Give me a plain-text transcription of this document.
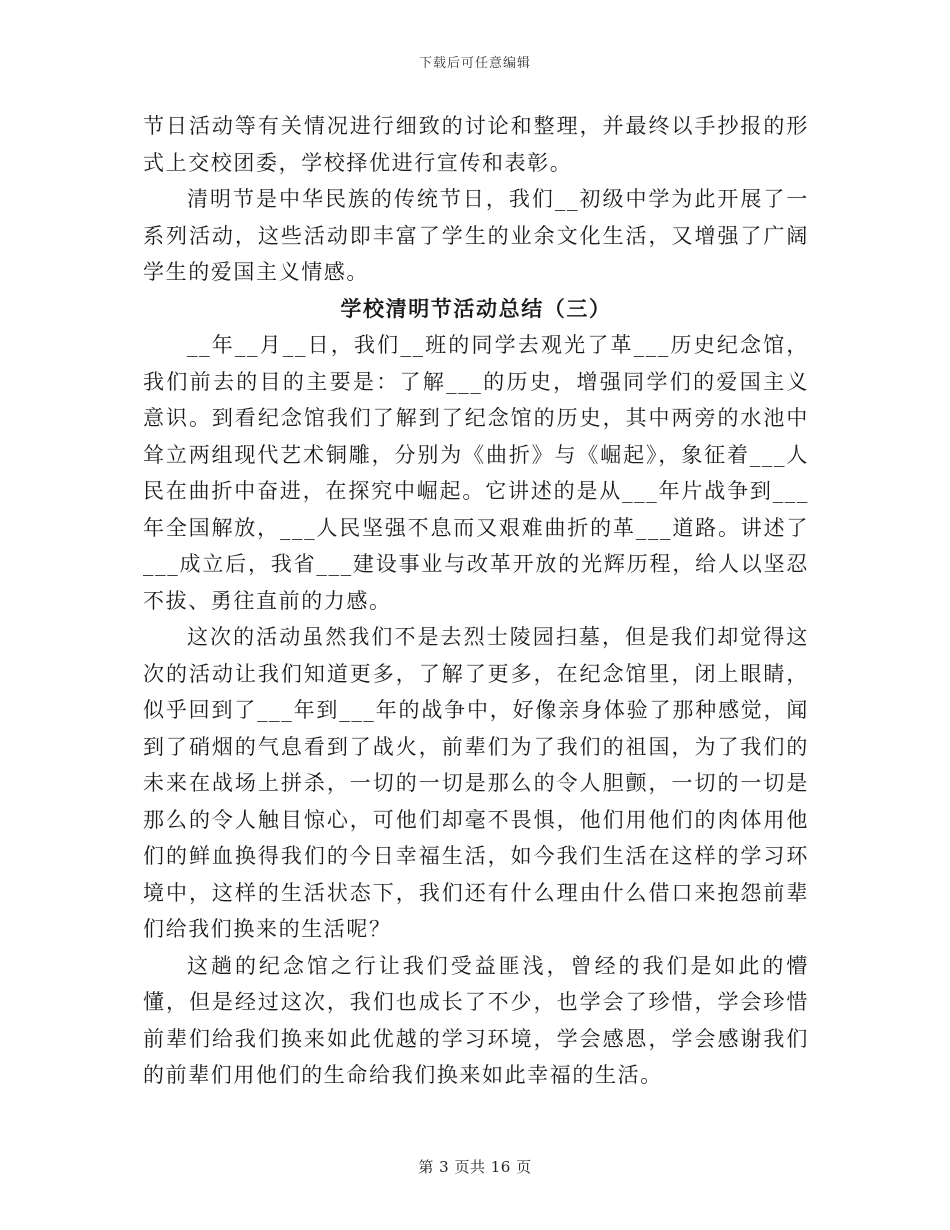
下载后可任意编辑

节日活动等有关情况进行细致的讨论和整理，并最终以手抄报的形式上交校团委，学校择优进行宣传和表彰。

清明节是中华民族的传统节日，我们__初级中学为此开展了一系列活动，这些活动即丰富了学生的业余文化生活，又增强了广阔学生的爱国主义情感。

学校清明节活动总结（三）

__年__月__日，我们__班的同学去观光了革___历史纪念馆，我们前去的目的主要是：了解___的历史，增强同学们的爱国主义意识。到看纪念馆我们了解到了纪念馆的历史，其中两旁的水池中耸立两组现代艺术铜雕，分别为《曲折》与《崛起》，象征着___人民在曲折中奋进，在探究中崛起。它讲述的是从___年片战争到___年全国解放，___人民坚强不息而又艰难曲折的革___道路。讲述了___成立后，我省___建设事业与改革开放的光辉历程，给人以坚忍不拔、勇往直前的力感。

这次的活动虽然我们不是去烈士陵园扫墓，但是我们却觉得这次的活动让我们知道更多，了解了更多，在纪念馆里，闭上眼睛，似乎回到了___年到___年的战争中，好像亲身体验了那种感觉，闻到了硝烟的气息看到了战火，前辈们为了我们的祖国，为了我们的未来在战场上拼杀，一切的一切是那么的令人胆颤，一切的一切是那么的令人触目惊心，可他们却毫不畏惧，他们用他们的肉体用他们的鲜血换得我们的今日幸福生活，如今我们生活在这样的学习环境中，这样的生活状态下，我们还有什么理由什么借口来抱怨前辈们给我们换来的生活呢？

这趟的纪念馆之行让我们受益匪浅，曾经的我们是如此的懵懂，但是经过这次，我们也成长了不少，也学会了珍惜，学会珍惜前辈们给我们换来如此优越的学习环境，学会感恩，学会感谢我们的前辈们用他们的生命给我们换来如此幸福的生活。

第 3 页共 16 页
